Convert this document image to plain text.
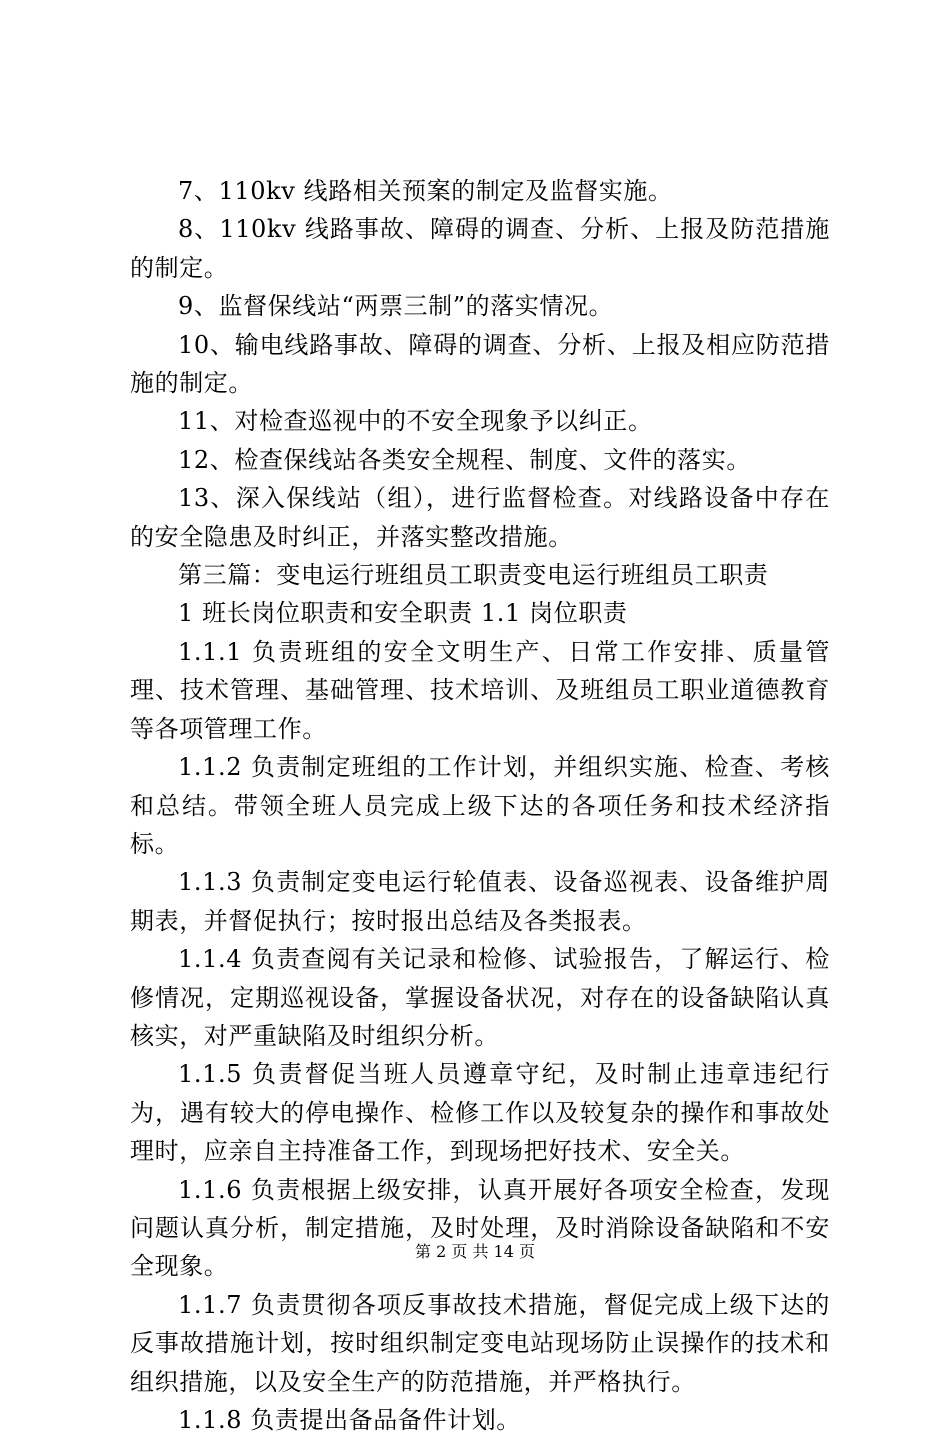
7、110kv 线路相关预案的制定及监督实施。

8、110kv 线路事故、障碍的调查、分析、上报及防范措施的制定。

9、监督保线站“两票三制”的落实情况。

10、输电线路事故、障碍的调查、分析、上报及相应防范措施的制定。

11、对检查巡视中的不安全现象予以纠正。

12、检查保线站各类安全规程、制度、文件的落实。

13、深入保线站（组），进行监督检查。对线路设备中存在的安全隐患及时纠正，并落实整改措施。

第三篇：变电运行班组员工职责变电运行班组员工职责

1 班长岗位职责和安全职责 1.1 岗位职责

1.1.1 负责班组的安全文明生产、日常工作安排、质量管理、技术管理、基础管理、技术培训、及班组员工职业道德教育等各项管理工作。

1.1.2 负责制定班组的工作计划，并组织实施、检查、考核和总结。带领全班人员完成上级下达的各项任务和技术经济指标。

1.1.3 负责制定变电运行轮值表、设备巡视表、设备维护周期表，并督促执行；按时报出总结及各类报表。

1.1.4 负责查阅有关记录和检修、试验报告，了解运行、检修情况，定期巡视设备，掌握设备状况，对存在的设备缺陷认真核实，对严重缺陷及时组织分析。

1.1.5 负责督促当班人员遵章守纪，及时制止违章违纪行为，遇有较大的停电操作、检修工作以及较复杂的操作和事故处理时，应亲自主持准备工作，到现场把好技术、安全关。

1.1.6 负责根据上级安排，认真开展好各项安全检查，发现问题认真分析，制定措施，及时处理，及时消除设备缺陷和不安全现象。

1.1.7 负责贯彻各项反事故技术措施，督促完成上级下达的反事故措施计划，按时组织制定变电站现场防止误操作的技术和组织措施，以及安全生产的防范措施，并严格执行。

1.1.8 负责提出备品备件计划。

第 2 页 共 14 页
